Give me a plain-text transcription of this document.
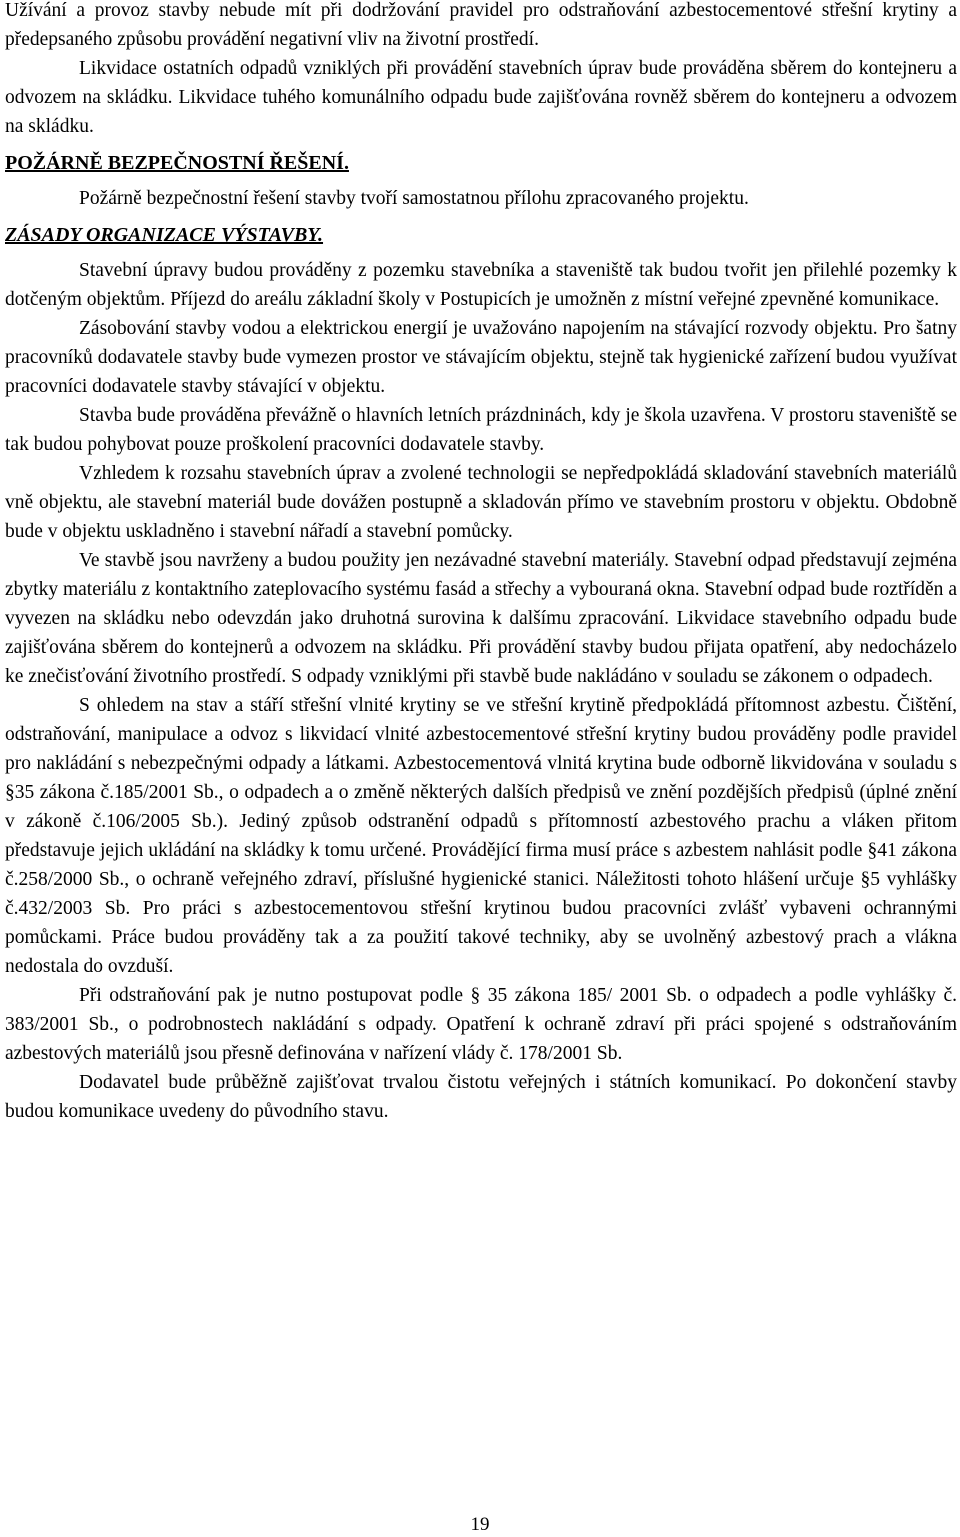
Užívání a provoz stavby nebude mít při dodržování pravidel pro odstraňování azbestocementové střešní krytiny a předepsaného způsobu provádění negativní vliv na životní prostředí.

Likvidace ostatních odpadů vzniklých při provádění stavebních úprav bude prováděna sběrem do kontejneru a odvozem na skládku. Likvidace tuhého komunálního odpadu bude zajišťována rovněž sběrem do kontejneru a odvozem na skládku.

POŽÁRNĚ BEZPEČNOSTNÍ ŘEŠENÍ.

Požárně bezpečnostní řešení stavby tvoří samostatnou přílohu zpracovaného projektu.

ZÁSADY ORGANIZACE VÝSTAVBY.

Stavební úpravy budou prováděny z pozemku stavebníka a staveniště tak budou tvořit jen přilehlé pozemky k dotčeným objektům. Příjezd do areálu základní školy v Postupicích je umožněn z místní veřejné zpevněné komunikace.

Zásobování stavby vodou a elektrickou energií je uvažováno napojením na stávající rozvody objektu. Pro šatny pracovníků dodavatele stavby bude vymezen prostor ve stávajícím objektu, stejně tak hygienické zařízení budou využívat pracovníci dodavatele stavby stávající v objektu.

Stavba bude prováděna převážně o hlavních letních prázdninách, kdy je škola uzavřena. V prostoru staveniště se tak budou pohybovat pouze proškolení pracovníci dodavatele stavby.

Vzhledem k rozsahu stavebních úprav a zvolené technologii se nepředpokládá skladování stavebních materiálů vně objektu, ale stavební materiál bude dovážen postupně a skladován přímo ve stavebním prostoru v objektu. Obdobně bude v objektu uskladněno i stavební nářadí a stavební pomůcky.

Ve stavbě jsou navrženy a budou použity jen nezávadné stavební materiály. Stavební odpad představují zejména zbytky materiálu z kontaktního zateplovacího systému fasád a střechy a vybouraná okna. Stavební odpad bude roztříděn a vyvezen na skládku nebo odevzdán jako druhotná surovina k dalšímu zpracování. Likvidace stavebního odpadu bude zajišťována sběrem do kontejnerů a odvozem na skládku. Při provádění stavby budou přijata opatření, aby nedocházelo ke znečisťování životního prostředí. S odpady vzniklými při stavbě bude nakládáno v souladu se zákonem o odpadech.

S ohledem na stav a stáří střešní vlnité krytiny se ve střešní krytině předpokládá přítomnost azbestu. Čištění, odstraňování, manipulace a odvoz s likvidací vlnité azbestocementové střešní krytiny budou prováděny podle pravidel pro nakládání s nebezpečnými odpady a látkami. Azbestocementová vlnitá krytina bude odborně likvidována v souladu s §35 zákona č.185/2001 Sb., o odpadech a o změně některých dalších předpisů ve znění pozdějších předpisů (úplné znění v zákoně č.106/2005 Sb.). Jediný způsob odstranění odpadů s přítomností azbestového prachu a vláken přitom představuje jejich ukládání na skládky k tomu určené. Provádějící firma musí práce s azbestem nahlásit podle §41 zákona č.258/2000 Sb., o ochraně veřejného zdraví, příslušné hygienické stanici. Náležitosti tohoto hlášení určuje §5 vyhlášky č.432/2003 Sb. Pro práci s azbestocementovou střešní krytinou budou pracovníci zvlášť vybaveni ochrannými pomůckami. Práce budou prováděny tak a za použití takové techniky, aby se uvolněný azbestový prach a vlákna nedostala do ovzduší.

Při odstraňování pak je nutno postupovat podle § 35 zákona 185/ 2001 Sb. o odpadech a podle vyhlášky č. 383/2001 Sb., o podrobnostech nakládání s odpady. Opatření k ochraně zdraví při práci spojené s odstraňováním azbestových materiálů jsou přesně definována v nařízení vlády č. 178/2001 Sb.

Dodavatel bude průběžně zajišťovat trvalou čistotu veřejných i státních komunikací. Po dokončení stavby budou komunikace uvedeny do původního stavu.

19
